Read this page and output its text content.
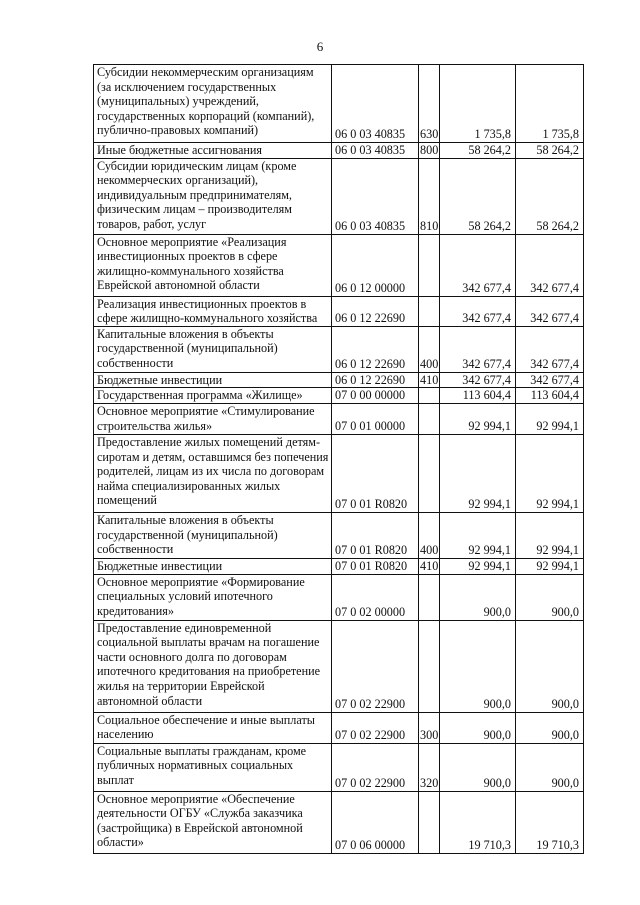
6
Субсидии некоммерческим организациям (за исключением государственных (муниципальных) учреждений, государственных корпораций (компаний), публично-правовых компаний)	06 0 03 40835	630	1 735,8	1 735,8
Иные бюджетные ассигнования	06 0 03 40835	800	58 264,2	58 264,2
Субсидии юридическим лицам (кроме некоммерческих организаций), индивидуальным предпринимателям, физическим лицам – производителям товаров, работ, услуг	06 0 03 40835	810	58 264,2	58 264,2
Основное мероприятие «Реализация инвестиционных проектов в сфере жилищно-коммунального хозяйства Еврейской автономной области	06 0 12 00000		342 677,4	342 677,4
Реализация инвестиционных проектов в сфере жилищно-коммунального хозяйства	06 0 12 22690		342 677,4	342 677,4
Капитальные вложения в объекты государственной (муниципальной) собственности	06 0 12 22690	400	342 677,4	342 677,4
Бюджетные инвестиции	06 0 12 22690	410	342 677,4	342 677,4
Государственная программа «Жилище»	07 0 00 00000		113 604,4	113 604,4
Основное мероприятие «Стимулирование строительства жилья»	07 0 01 00000		92 994,1	92 994,1
Предоставление жилых помещений детям-сиротам и детям, оставшимся без попечения родителей, лицам из их числа по договорам найма специализированных жилых помещений	07 0 01 R0820		92 994,1	92 994,1
Капитальные вложения в объекты государственной (муниципальной) собственности	07 0 01 R0820	400	92 994,1	92 994,1
Бюджетные инвестиции	07 0 01 R0820	410	92 994,1	92 994,1
Основное мероприятие «Формирование специальных условий ипотечного кредитования»	07 0 02 00000		900,0	900,0
Предоставление единовременной социальной выплаты врачам на погашение части основного долга по договорам ипотечного кредитования на приобретение жилья на территории Еврейской автономной области	07 0 02 22900		900,0	900,0
Социальное обеспечение и иные выплаты населению	07 0 02 22900	300	900,0	900,0
Социальные выплаты гражданам, кроме публичных нормативных социальных выплат	07 0 02 22900	320	900,0	900,0
Основное мероприятие «Обеспечение деятельности ОГБУ «Служба заказчика (застройщика) в Еврейской автономной области»	07 0 06 00000		19 710,3	19 710,3
